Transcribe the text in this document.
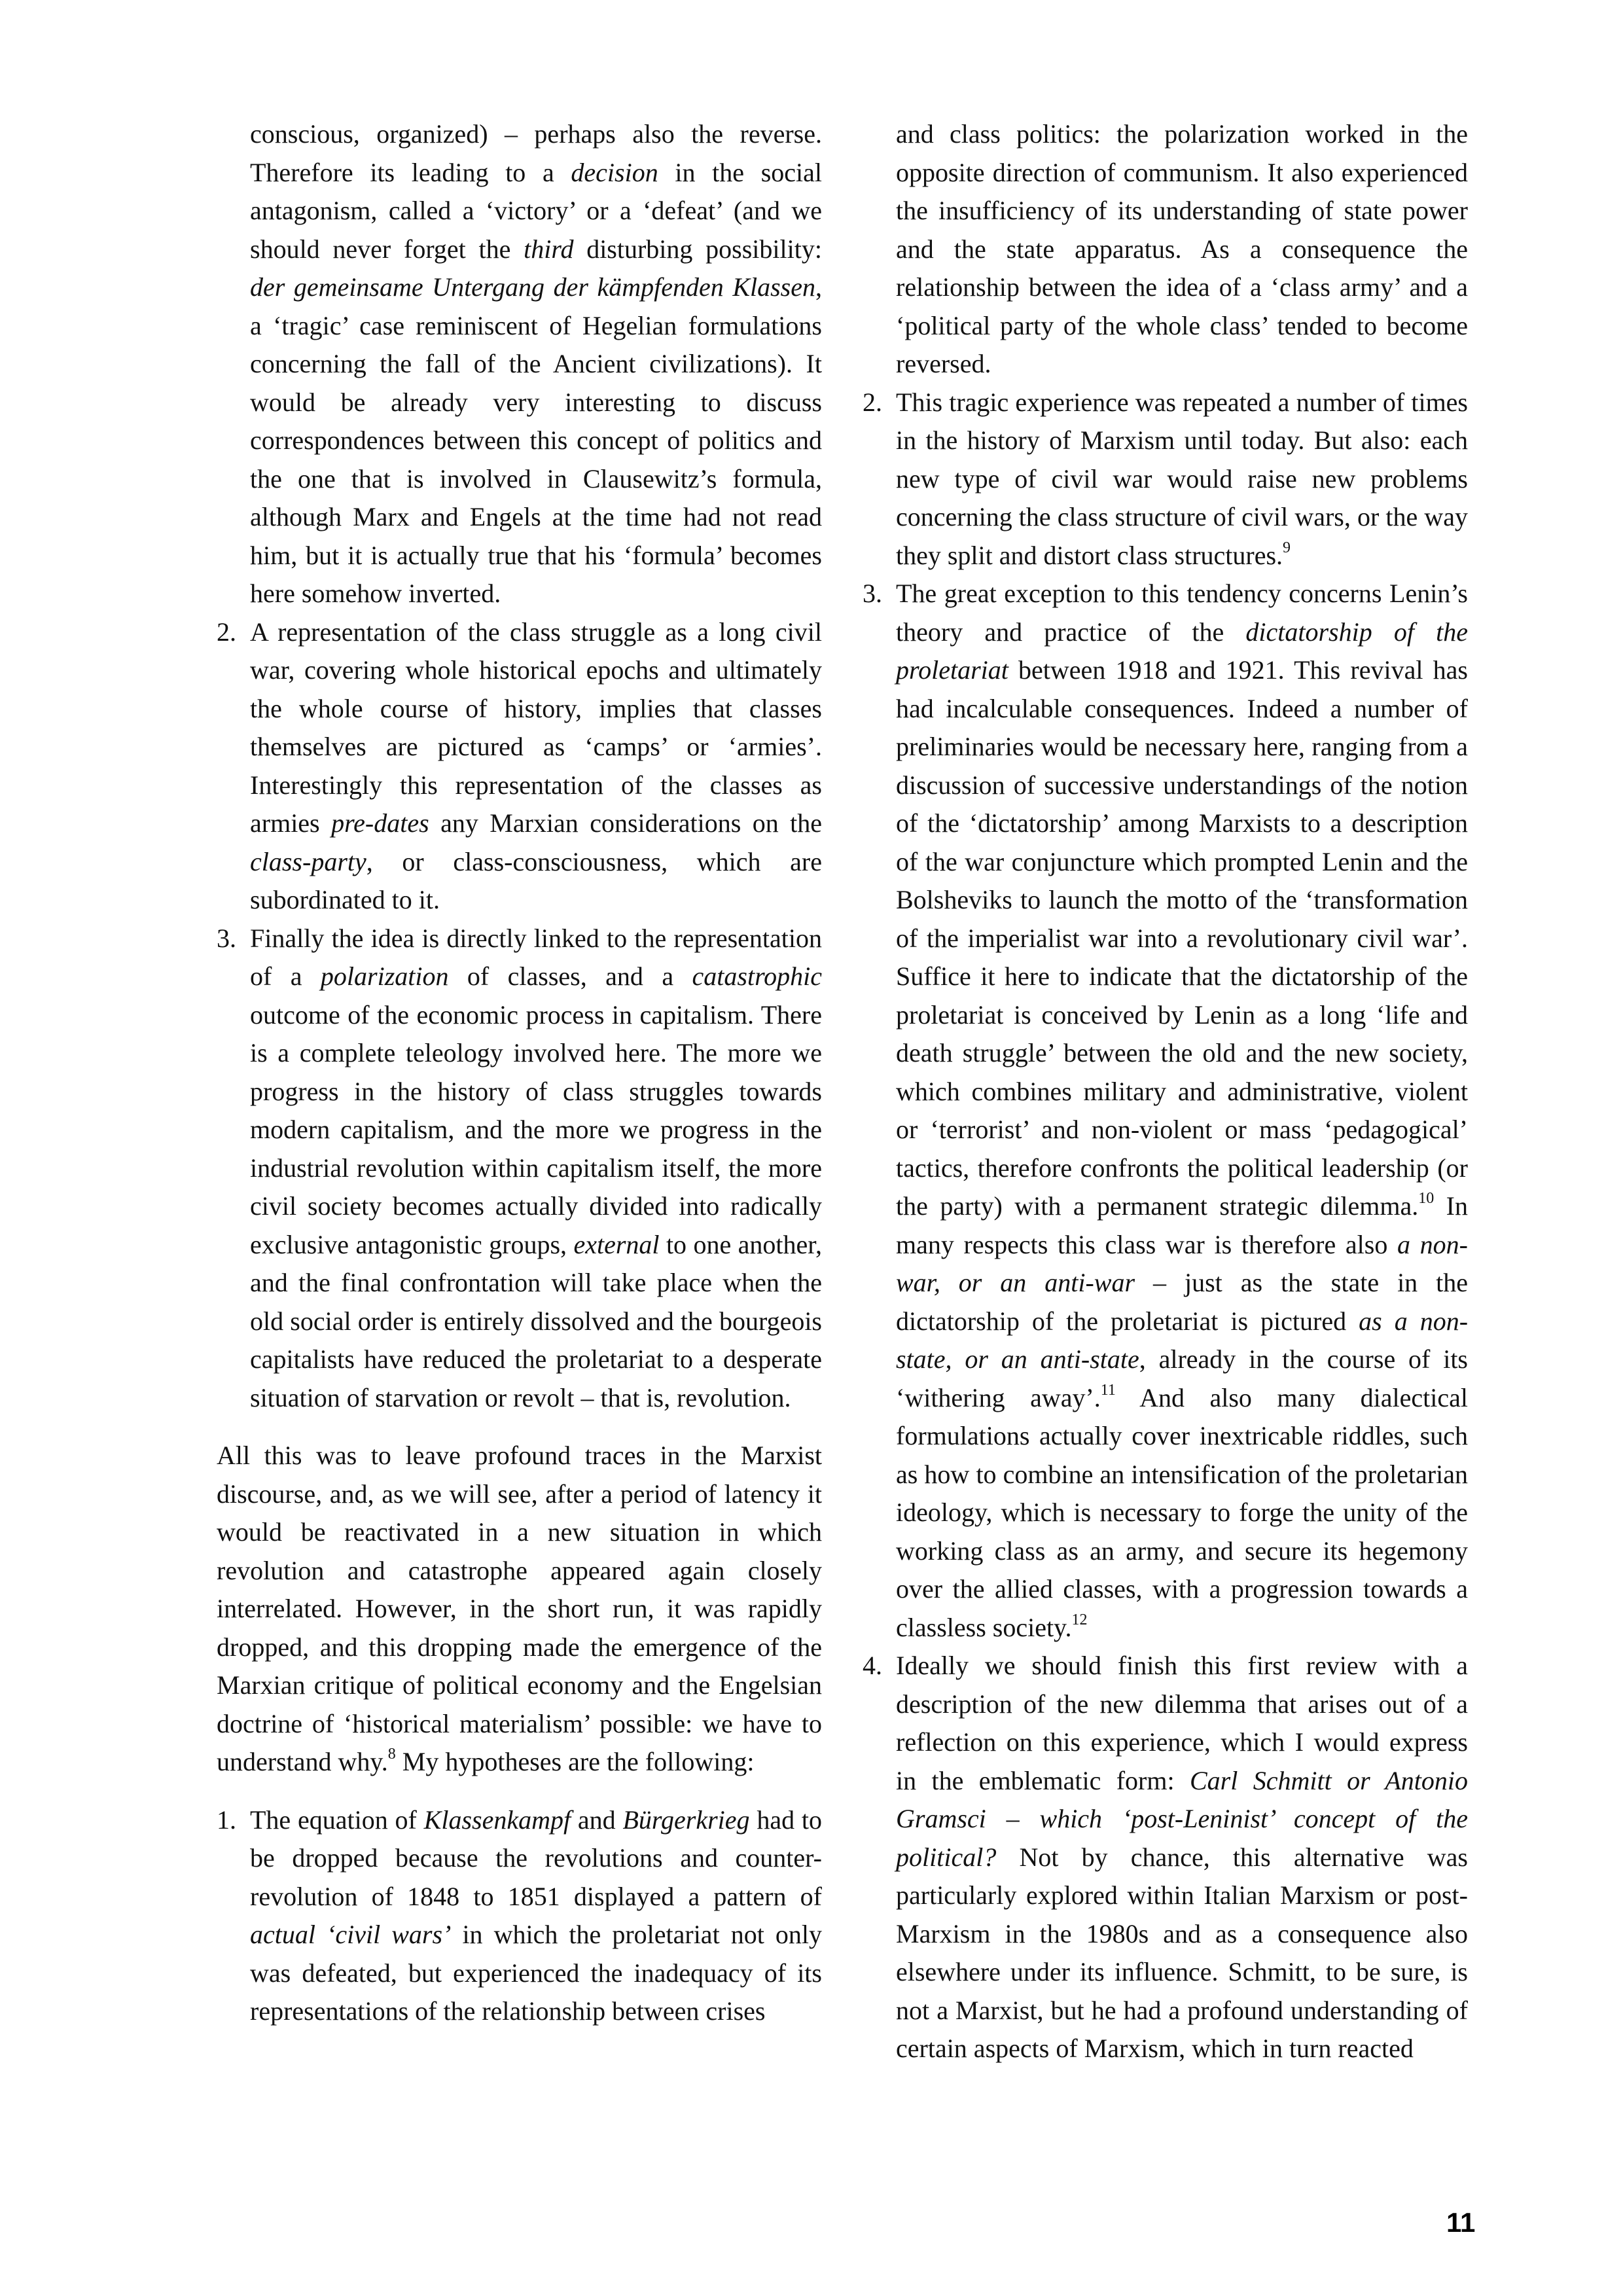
conscious, organized) – perhaps also the reverse. Therefore its leading to a decision in the social antagonism, called a ‘victory’ or a ‘defeat’ (and we should never forget the third disturbing possibility: der gemeinsame Untergang der kämpfenden Klassen, a ‘tragic’ case reminiscent of Hegelian formulations concerning the fall of the Ancient civilizations). It would be already very interesting to discuss correspondences between this concept of politics and the one that is involved in Clausewitz’s formula, although Marx and Engels at the time had not read him, but it is actually true that his ‘formula’ becomes here somehow inverted.
2. A representation of the class struggle as a long civil war, covering whole historical epochs and ultimately the whole course of history, implies that classes themselves are pictured as ‘camps’ or ‘armies’. Interestingly this representation of the classes as armies pre-dates any Marxian considerations on the class-party, or class-consciousness, which are subordinated to it.
3. Finally the idea is directly linked to the representation of a polarization of classes, and a catastrophic outcome of the economic process in capitalism. There is a complete teleology involved here. The more we progress in the history of class struggles towards modern capitalism, and the more we progress in the industrial revolution within capitalism itself, the more civil society becomes actually divided into radically exclusive antagonistic groups, external to one another, and the final confrontation will take place when the old social order is entirely dissolved and the bourgeois capitalists have reduced the proletariat to a desperate situation of starvation or revolt – that is, revolution.

All this was to leave profound traces in the Marxist discourse, and, as we will see, after a period of latency it would be reactivated in a new situation in which revolution and catastrophe appeared again closely interrelated. However, in the short run, it was rapidly dropped, and this dropping made the emergence of the Marxian critique of political economy and the Engelsian doctrine of ‘historical materialism’ possible: we have to understand why.$^8$ My hypotheses are the following:

1. The equation of Klassenkampf and Bürgerkrieg had to be dropped because the revolutions and counter-revolution of 1848 to 1851 displayed a pattern of actual ‘civil wars’ in which the proletariat not only was defeated, but experienced the inadequacy of its representations of the relationship between crises
and class politics: the polarization worked in the opposite direction of communism. It also experienced the insufficiency of its understanding of state power and the state apparatus. As a consequence the relationship between the idea of a ‘class army’ and a ‘political party of the whole class’ tended to become reversed.
2. This tragic experience was repeated a number of times in the history of Marxism until today. But also: each new type of civil war would raise new problems concerning the class structure of civil wars, or the way they split and distort class structures.$^9$
3. The great exception to this tendency concerns Lenin’s theory and practice of the dictatorship of the proletariat between 1918 and 1921. This revival has had incalculable consequences. Indeed a number of preliminaries would be necessary here, ranging from a discussion of successive understandings of the notion of the ‘dictatorship’ among Marxists to a description of the war conjuncture which prompted Lenin and the Bolsheviks to launch the motto of the ‘transformation of the imperialist war into a revolutionary civil war’. Suffice it here to indicate that the dictatorship of the proletariat is conceived by Lenin as a long ‘life and death struggle’ between the old and the new society, which combines military and administrative, violent or ‘terrorist’ and non-violent or mass ‘pedagogical’ tactics, therefore confronts the political leadership (or the party) with a permanent strategic dilemma.$^{10}$ In many respects this class war is therefore also a non-war, or an anti-war – just as the state in the dictatorship of the proletariat is pictured as a non-state, or an anti-state, already in the course of its ‘withering away’.$^{11}$ And also many dialectical formulations actually cover inextricable riddles, such as how to combine an intensification of the proletarian ideology, which is necessary to forge the unity of the working class as an army, and secure its hegemony over the allied classes, with a progression towards a classless society.$^{12}$
4. Ideally we should finish this first review with a description of the new dilemma that arises out of a reflection on this experience, which I would express in the emblematic form: Carl Schmitt or Antonio Gramsci – which ‘post-Leninist’ concept of the political? Not by chance, this alternative was particularly explored within Italian Marxism or post-Marxism in the 1980s and as a consequence also elsewhere under its influence. Schmitt, to be sure, is not a Marxist, but he had a profound understanding of certain aspects of Marxism, which in turn reacted
11
